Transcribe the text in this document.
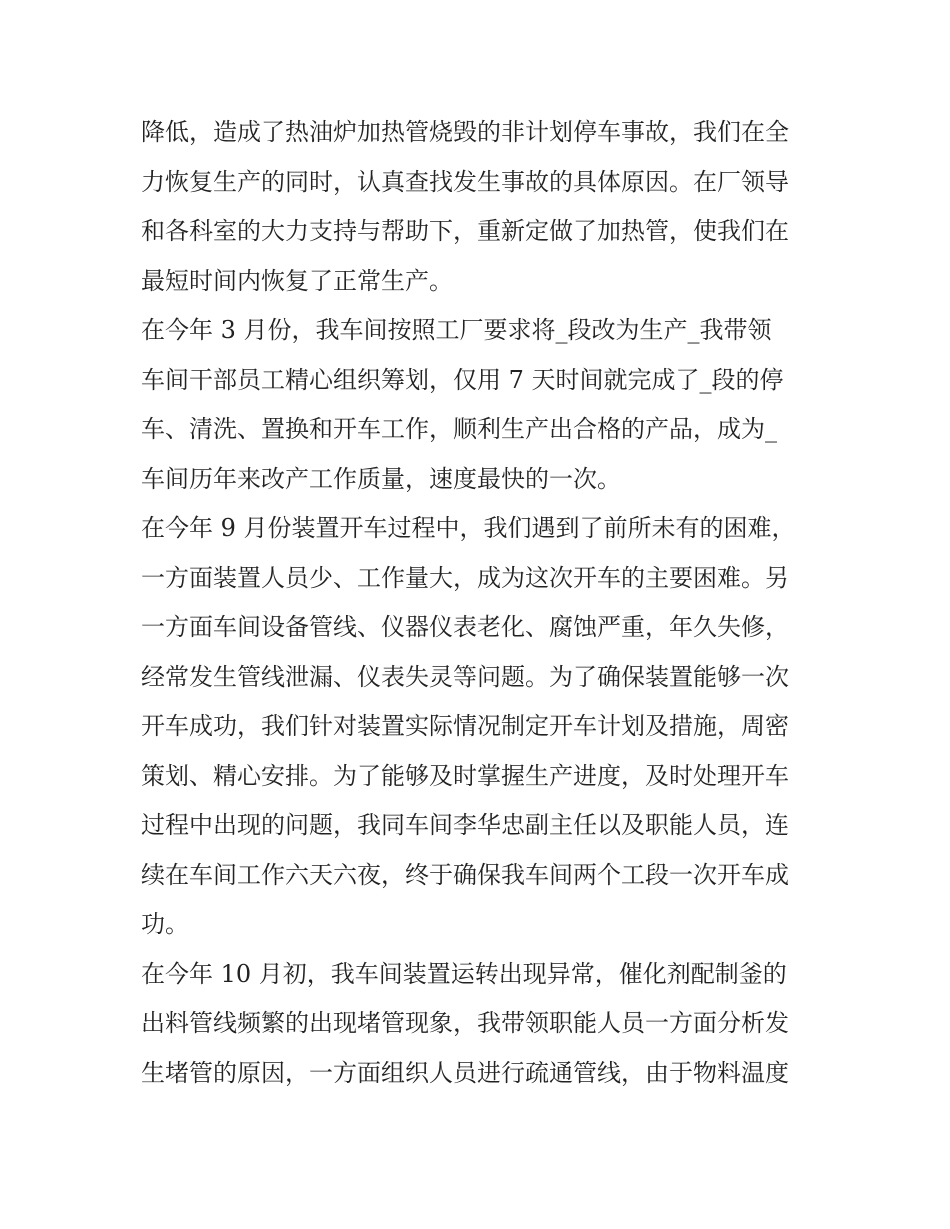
降低，造成了热油炉加热管烧毁的非计划停车事故，我们在全
力恢复生产的同时，认真查找发生事故的具体原因。在厂领导
和各科室的大力支持与帮助下，重新定做了加热管，使我们在
最短时间内恢复了正常生产。

在今年 3 月份，我车间按照工厂要求将_段改为生产_我带领
车间干部员工精心组织筹划，仅用 7 天时间就完成了_段的停
车、清洗、置换和开车工作，顺利生产出合格的产品，成为_
车间历年来改产工作质量，速度最快的一次。

在今年 9 月份装置开车过程中，我们遇到了前所未有的困难，
一方面装置人员少、工作量大，成为这次开车的主要困难。另
一方面车间设备管线、仪器仪表老化、腐蚀严重，年久失修，
经常发生管线泄漏、仪表失灵等问题。为了确保装置能够一次
开车成功，我们针对装置实际情况制定开车计划及措施，周密
策划、精心安排。为了能够及时掌握生产进度，及时处理开车
过程中出现的问题，我同车间李华忠副主任以及职能人员，连
续在车间工作六天六夜，终于确保我车间两个工段一次开车成
功。

在今年 10 月初，我车间装置运转出现异常，催化剂配制釜的
出料管线频繁的出现堵管现象，我带领职能人员一方面分析发
生堵管的原因，一方面组织人员进行疏通管线，由于物料温度
